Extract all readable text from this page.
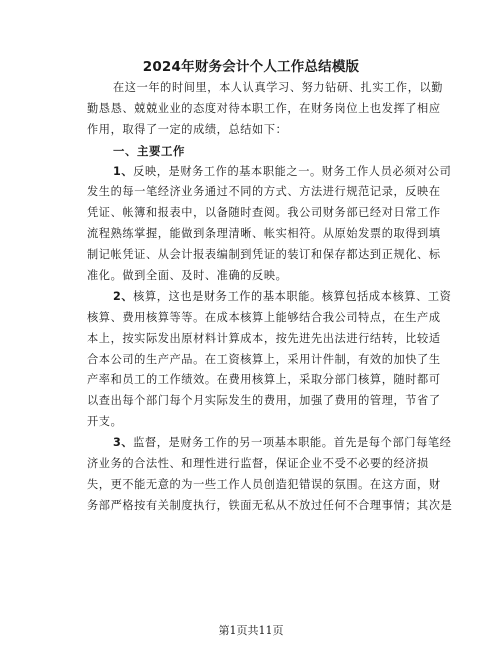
2024年财务会计个人工作总结模版
在这一年的时间里，本人认真学习、努力钻研、扎实工作，以勤
勤恳恳、兢兢业业的态度对待本职工作，在财务岗位上也发挥了相应
作用，取得了一定的成绩，总结如下：
一、主要工作
1、反映，是财务工作的基本职能之一。财务工作人员必须对公司
发生的每一笔经济业务通过不同的方式、方法进行规范记录，反映在
凭证、帐簿和报表中，以备随时查阅。我公司财务部已经对日常工作
流程熟练掌握，能做到条理清晰、帐实相符。从原始发票的取得到填
制记帐凭证、从会计报表编制到凭证的装订和保存都达到正规化、标
准化。做到全面、及时、准确的反映。
2、核算，这也是财务工作的基本职能。核算包括成本核算、工资
核算、费用核算等等。在成本核算上能够结合我公司特点，在生产成
本上，按实际发出原材料计算成本，按先进先出法进行结转，比较适
合本公司的生产产品。在工资核算上，采用计件制，有效的加快了生
产率和员工的工作绩效。在费用核算上，采取分部门核算，随时都可
以查出每个部门每个月实际发生的费用，加强了费用的管理，节省了
开支。
3、监督，是财务工作的另一项基本职能。首先是每个部门每笔经
济业务的合法性、和理性进行监督，保证企业不受不必要的经济损
失，更不能无意的为一些工作人员创造犯错误的氛围。在这方面，财
务部严格按有关制度执行，铁面无私从不放过任何不合理事情；其次是
第1页共11页
